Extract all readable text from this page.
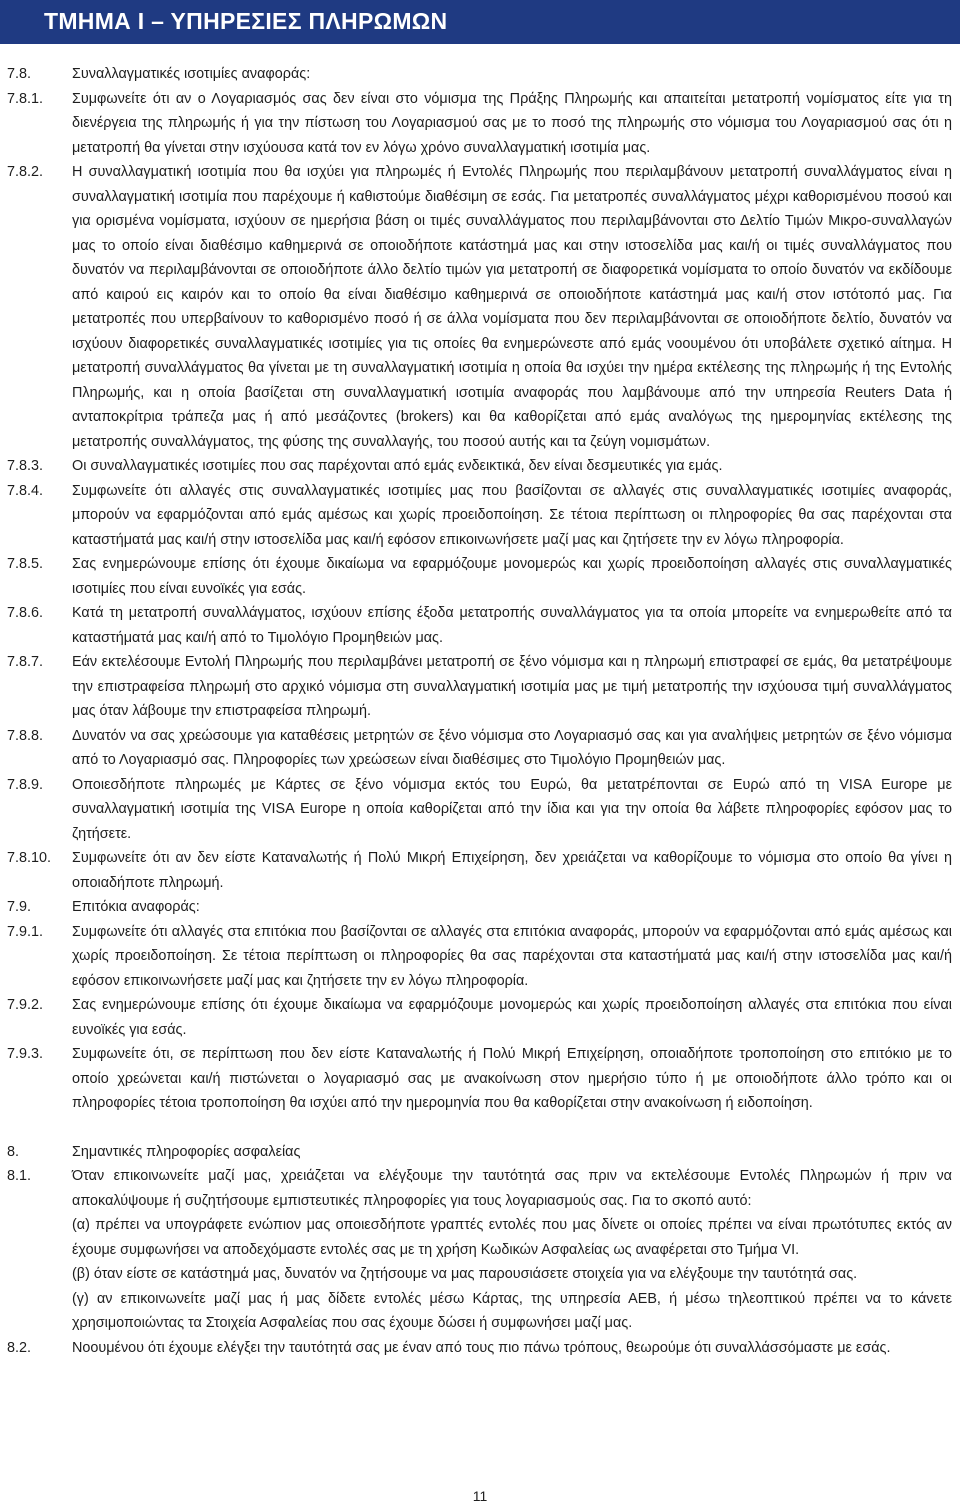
ΤΜΗΜΑ Ι – ΥΠΗΡΕΣΙΕΣ ΠΛΗΡΩΜΩΝ
7.8.	Συναλλαγματικές ισοτιμίες αναφοράς:
7.8.1. Συμφωνείτε ότι αν ο Λογαριασμός σας δεν είναι στο νόμισμα της Πράξης Πληρωμής και απαιτείται μετατροπή νομίσματος είτε για τη διενέργεια της πληρωμής ή για την πίστωση του Λογαριασμού σας με το ποσό της πληρωμής στο νόμισμα του Λογαριασμού σας ότι η μετατροπή θα γίνεται στην ισχύουσα κατά τον εν λόγω χρόνο συναλλαγματική ισοτιμία μας.
7.8.2. Η συναλλαγματική ισοτιμία που θα ισχύει για πληρωμές ή Εντολές Πληρωμής που περιλαμβάνουν μετατροπή συναλλάγματος είναι η συναλλαγματική ισοτιμία που παρέχουμε ή καθιστούμε διαθέσιμη σε εσάς. Για μετατροπές συναλλάγματος μέχρι καθορισμένου ποσού και για ορισμένα νομίσματα, ισχύουν σε ημερήσια βάση οι τιμές συναλλάγματος που περιλαμβάνονται στο Δελτίο Τιμών Μικρο-συναλλαγών μας το οποίο είναι διαθέσιμο καθημερινά σε οποιοδήποτε κατάστημά μας και στην ιστοσελίδα μας και/ή οι τιμές συναλλάγματος που δυνατόν να περιλαμβάνονται σε οποιοδήποτε άλλο δελτίο τιμών για μετατροπή σε διαφορετικά νομίσματα το οποίο δυνατόν να εκδίδουμε από καιρού εις καιρόν και το οποίο θα είναι διαθέσιμο καθημερινά σε οποιοδήποτε κατάστημά μας και/ή στον ιστότοπό μας. Για μετατροπές που υπερβαίνουν το καθορισμένο ποσό ή σε άλλα νομίσματα που δεν περιλαμβάνονται σε οποιοδήποτε δελτίο, δυνατόν να ισχύουν διαφορετικές συναλλαγματικές ισοτιμίες για τις οποίες θα ενημερώνεστε από εμάς νοουμένου ότι υποβάλετε σχετικό αίτημα. Η μετατροπή συναλλάγματος θα γίνεται με τη συναλλαγματική ισοτιμία η οποία θα ισχύει την ημέρα εκτέλεσης της πληρωμής ή της Εντολής Πληρωμής, και η οποία βασίζεται στη συναλλαγματική ισοτιμία αναφοράς που λαμβάνουμε από την υπηρεσία Reuters Data ή ανταποκρίτρια τράπεζα μας ή από μεσάζοντες (brokers) και θα καθορίζεται από εμάς αναλόγως της ημερομηνίας εκτέλεσης της μετατροπής συναλλάγματος, της φύσης της συναλλαγής, του ποσού αυτής και τα ζεύγη νομισμάτων.
7.8.3. Οι συναλλαγματικές ισοτιμίες που σας παρέχονται από εμάς ενδεικτικά, δεν είναι δεσμευτικές για εμάς.
7.8.4. Συμφωνείτε ότι αλλαγές στις συναλλαγματικές ισοτιμίες μας που βασίζονται σε αλλαγές στις συναλλαγματικές ισοτιμίες αναφοράς, μπορούν να εφαρμόζονται από εμάς αμέσως και χωρίς προειδοποίηση. Σε τέτοια περίπτωση οι πληροφορίες θα σας παρέχονται στα καταστήματά μας και/ή στην ιστοσελίδα μας και/ή εφόσον επικοινωνήσετε μαζί μας και ζητήσετε την εν λόγω πληροφορία.
7.8.5. Σας ενημερώνουμε επίσης ότι έχουμε δικαίωμα να εφαρμόζουμε μονομερώς και χωρίς προειδοποίηση αλλαγές στις συναλλαγματικές ισοτιμίες που είναι ευνοϊκές για εσάς.
7.8.6. Κατά τη μετατροπή συναλλάγματος, ισχύουν επίσης έξοδα μετατροπής συναλλάγματος για τα οποία μπορείτε να ενημερωθείτε από τα καταστήματά μας και/ή από το Τιμολόγιο Προμηθειών μας.
7.8.7. Εάν εκτελέσουμε Εντολή Πληρωμής που περιλαμβάνει μετατροπή σε ξένο νόμισμα και η πληρωμή επιστραφεί σε εμάς, θα μετατρέψουμε την επιστραφείσα πληρωμή στο αρχικό νόμισμα στη συναλλαγματική ισοτιμία μας με τιμή μετατροπής την ισχύουσα τιμή συναλλάγματος μας όταν λάβουμε την επιστραφείσα πληρωμή.
7.8.8. Δυνατόν να σας χρεώσουμε για καταθέσεις μετρητών σε ξένο νόμισμα στο Λογαριασμό σας και για αναλήψεις μετρητών σε ξένο νόμισμα από το Λογαριασμό σας. Πληροφορίες των χρεώσεων είναι διαθέσιμες στο Τιμολόγιο Προμηθειών μας.
7.8.9. Οποιεσδήποτε πληρωμές με Κάρτες σε ξένο νόμισμα εκτός του Ευρώ, θα μετατρέπονται σε Ευρώ από τη VISA Europe με συναλλαγματική ισοτιμία της VISA Europe η οποία καθορίζεται από την ίδια και για την οποία θα λάβετε πληροφορίες εφόσον μας το ζητήσετε.
7.8.10. Συμφωνείτε ότι αν δεν είστε Καταναλωτής ή Πολύ Μικρή Επιχείρηση, δεν χρειάζεται να καθορίζουμε το νόμισμα στο οποίο θα γίνει η οποιαδήποτε πληρωμή.
7.9.	Επιτόκια αναφοράς:
7.9.1. Συμφωνείτε ότι αλλαγές στα επιτόκια που βασίζονται σε αλλαγές στα επιτόκια αναφοράς, μπορούν να εφαρμόζονται από εμάς αμέσως και χωρίς προειδοποίηση. Σε τέτοια περίπτωση οι πληροφορίες θα σας παρέχονται στα καταστήματά μας και/ή στην ιστοσελίδα μας και/ή εφόσον επικοινωνήσετε μαζί μας και ζητήσετε την εν λόγω πληροφορία.
7.9.2. Σας ενημερώνουμε επίσης ότι έχουμε δικαίωμα να εφαρμόζουμε μονομερώς και χωρίς προειδοποίηση αλλαγές στα επιτόκια που είναι ευνοϊκές για εσάς.
7.9.3. Συμφωνείτε ότι, σε περίπτωση που δεν είστε Καταναλωτής ή Πολύ Μικρή Επιχείρηση, οποιαδήποτε τροποποίηση στο επιτόκιο με το οποίο χρεώνεται και/ή πιστώνεται ο λογαριασμό σας με ανακοίνωση στον ημερήσιο τύπο ή με οποιοδήποτε άλλο τρόπο και οι πληροφορίες τέτοια τροποποίηση θα ισχύει από την ημερομηνία που θα καθορίζεται στην ανακοίνωση ή ειδοποίηση.
8.	Σημαντικές πληροφορίες ασφαλείας
8.1.	Όταν επικοινωνείτε μαζί μας, χρειάζεται να ελέγξουμε την ταυτότητά σας πριν να εκτελέσουμε Εντολές Πληρωμών ή πριν να αποκαλύψουμε ή συζητήσουμε εμπιστευτικές πληροφορίες για τους λογαριασμούς σας. Για το σκοπό αυτό:
(α) πρέπει να υπογράφετε ενώπιον μας οποιεσδήποτε γραπτές εντολές που μας δίνετε οι οποίες πρέπει να είναι πρωτότυπες εκτός αν έχουμε συμφωνήσει να αποδεχόμαστε εντολές σας με τη χρήση Κωδικών Ασφαλείας ως αναφέρεται στο Τμήμα VI.
(β) όταν είστε σε κατάστημά μας, δυνατόν να ζητήσουμε να μας παρουσιάσετε στοιχεία για να ελέγξουμε την ταυτότητά σας.
(γ) αν επικοινωνείτε μαζί μας ή μας δίδετε εντολές μέσω Κάρτας, της υπηρεσία ΑΕΒ, ή μέσω τηλεοπτικού πρέπει να το κάνετε χρησιμοποιώντας τα Στοιχεία Ασφαλείας που σας έχουμε δώσει ή συμφωνήσει μαζί μας.
8.2.	Νοουμένου ότι έχουμε ελέγξει την ταυτότητά σας με έναν από τους πιο πάνω τρόπους, θεωρούμε ότι συναλλάσσόμαστε με εσάς.
11
